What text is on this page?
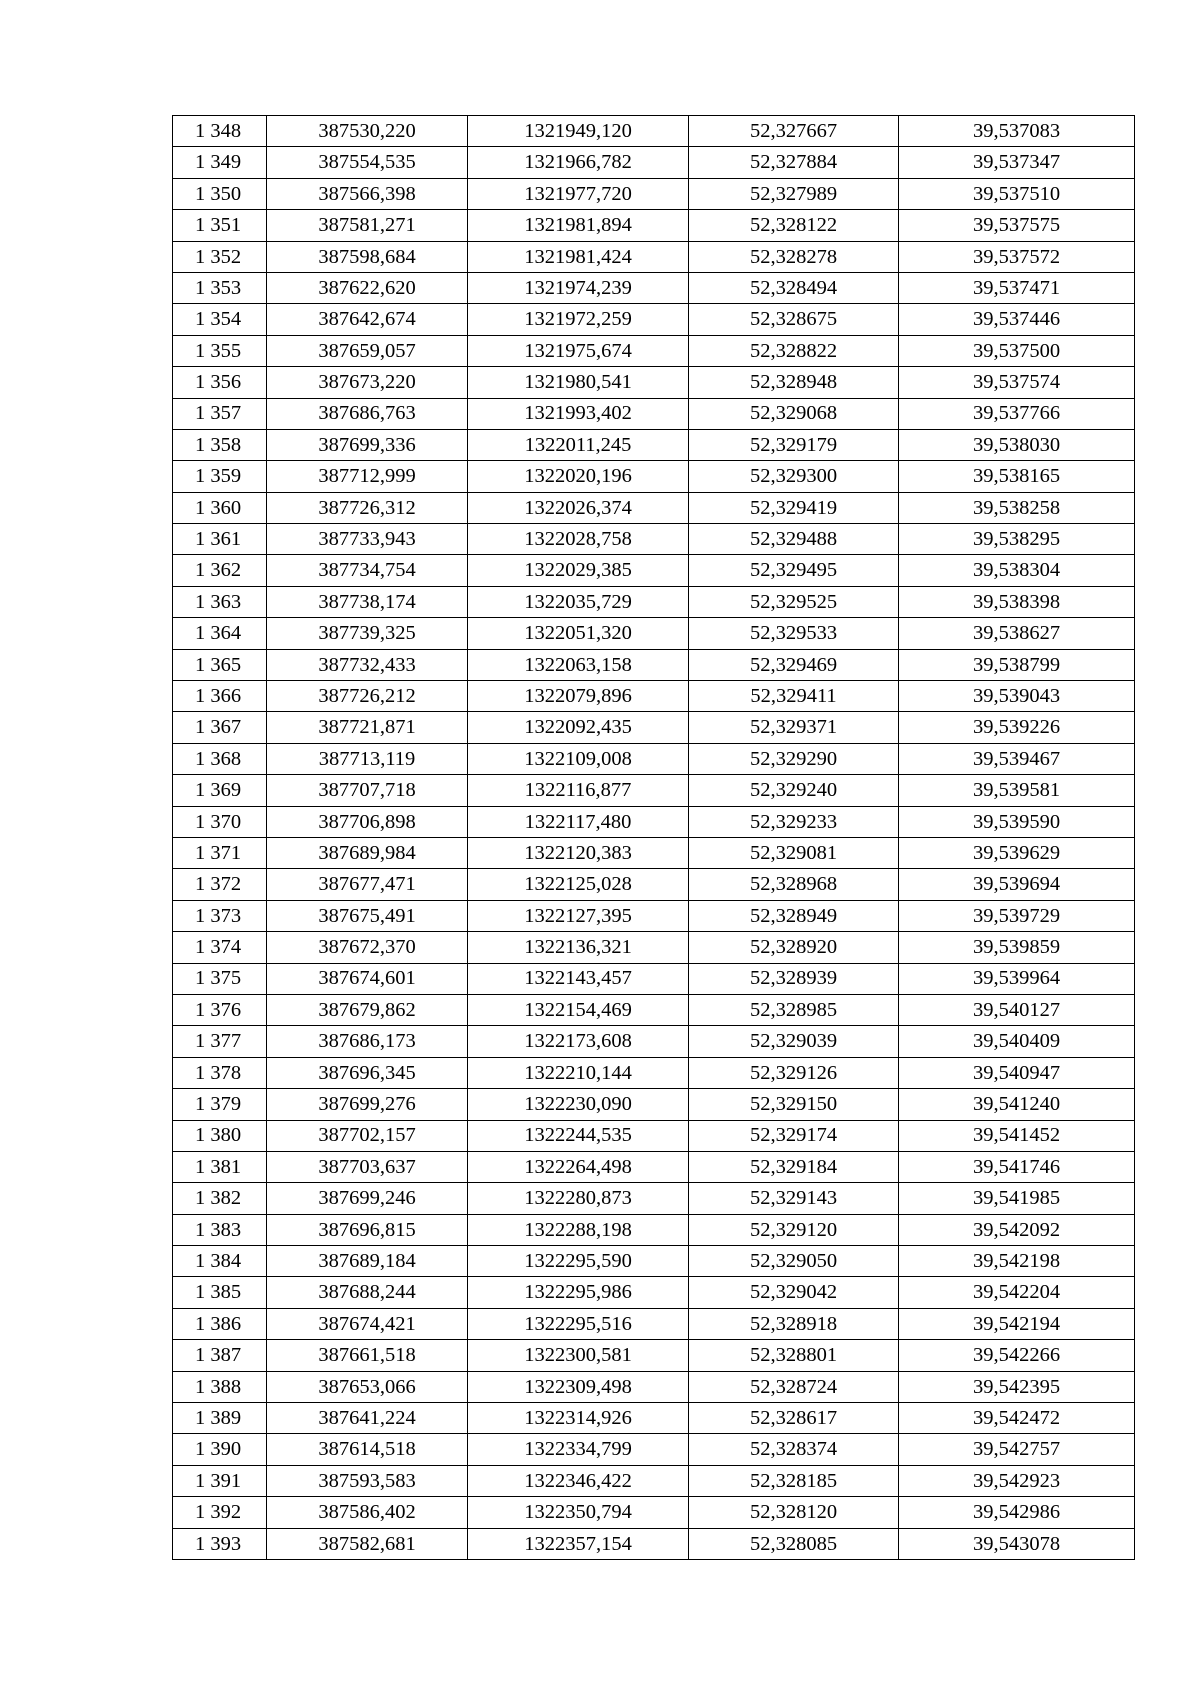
1 348	387530,220	1321949,120	52,327667	39,537083
1 349	387554,535	1321966,782	52,327884	39,537347
1 350	387566,398	1321977,720	52,327989	39,537510
1 351	387581,271	1321981,894	52,328122	39,537575
1 352	387598,684	1321981,424	52,328278	39,537572
1 353	387622,620	1321974,239	52,328494	39,537471
1 354	387642,674	1321972,259	52,328675	39,537446
1 355	387659,057	1321975,674	52,328822	39,537500
1 356	387673,220	1321980,541	52,328948	39,537574
1 357	387686,763	1321993,402	52,329068	39,537766
1 358	387699,336	1322011,245	52,329179	39,538030
1 359	387712,999	1322020,196	52,329300	39,538165
1 360	387726,312	1322026,374	52,329419	39,538258
1 361	387733,943	1322028,758	52,329488	39,538295
1 362	387734,754	1322029,385	52,329495	39,538304
1 363	387738,174	1322035,729	52,329525	39,538398
1 364	387739,325	1322051,320	52,329533	39,538627
1 365	387732,433	1322063,158	52,329469	39,538799
1 366	387726,212	1322079,896	52,329411	39,539043
1 367	387721,871	1322092,435	52,329371	39,539226
1 368	387713,119	1322109,008	52,329290	39,539467
1 369	387707,718	1322116,877	52,329240	39,539581
1 370	387706,898	1322117,480	52,329233	39,539590
1 371	387689,984	1322120,383	52,329081	39,539629
1 372	387677,471	1322125,028	52,328968	39,539694
1 373	387675,491	1322127,395	52,328949	39,539729
1 374	387672,370	1322136,321	52,328920	39,539859
1 375	387674,601	1322143,457	52,328939	39,539964
1 376	387679,862	1322154,469	52,328985	39,540127
1 377	387686,173	1322173,608	52,329039	39,540409
1 378	387696,345	1322210,144	52,329126	39,540947
1 379	387699,276	1322230,090	52,329150	39,541240
1 380	387702,157	1322244,535	52,329174	39,541452
1 381	387703,637	1322264,498	52,329184	39,541746
1 382	387699,246	1322280,873	52,329143	39,541985
1 383	387696,815	1322288,198	52,329120	39,542092
1 384	387689,184	1322295,590	52,329050	39,542198
1 385	387688,244	1322295,986	52,329042	39,542204
1 386	387674,421	1322295,516	52,328918	39,542194
1 387	387661,518	1322300,581	52,328801	39,542266
1 388	387653,066	1322309,498	52,328724	39,542395
1 389	387641,224	1322314,926	52,328617	39,542472
1 390	387614,518	1322334,799	52,328374	39,542757
1 391	387593,583	1322346,422	52,328185	39,542923
1 392	387586,402	1322350,794	52,328120	39,542986
1 393	387582,681	1322357,154	52,328085	39,543078
